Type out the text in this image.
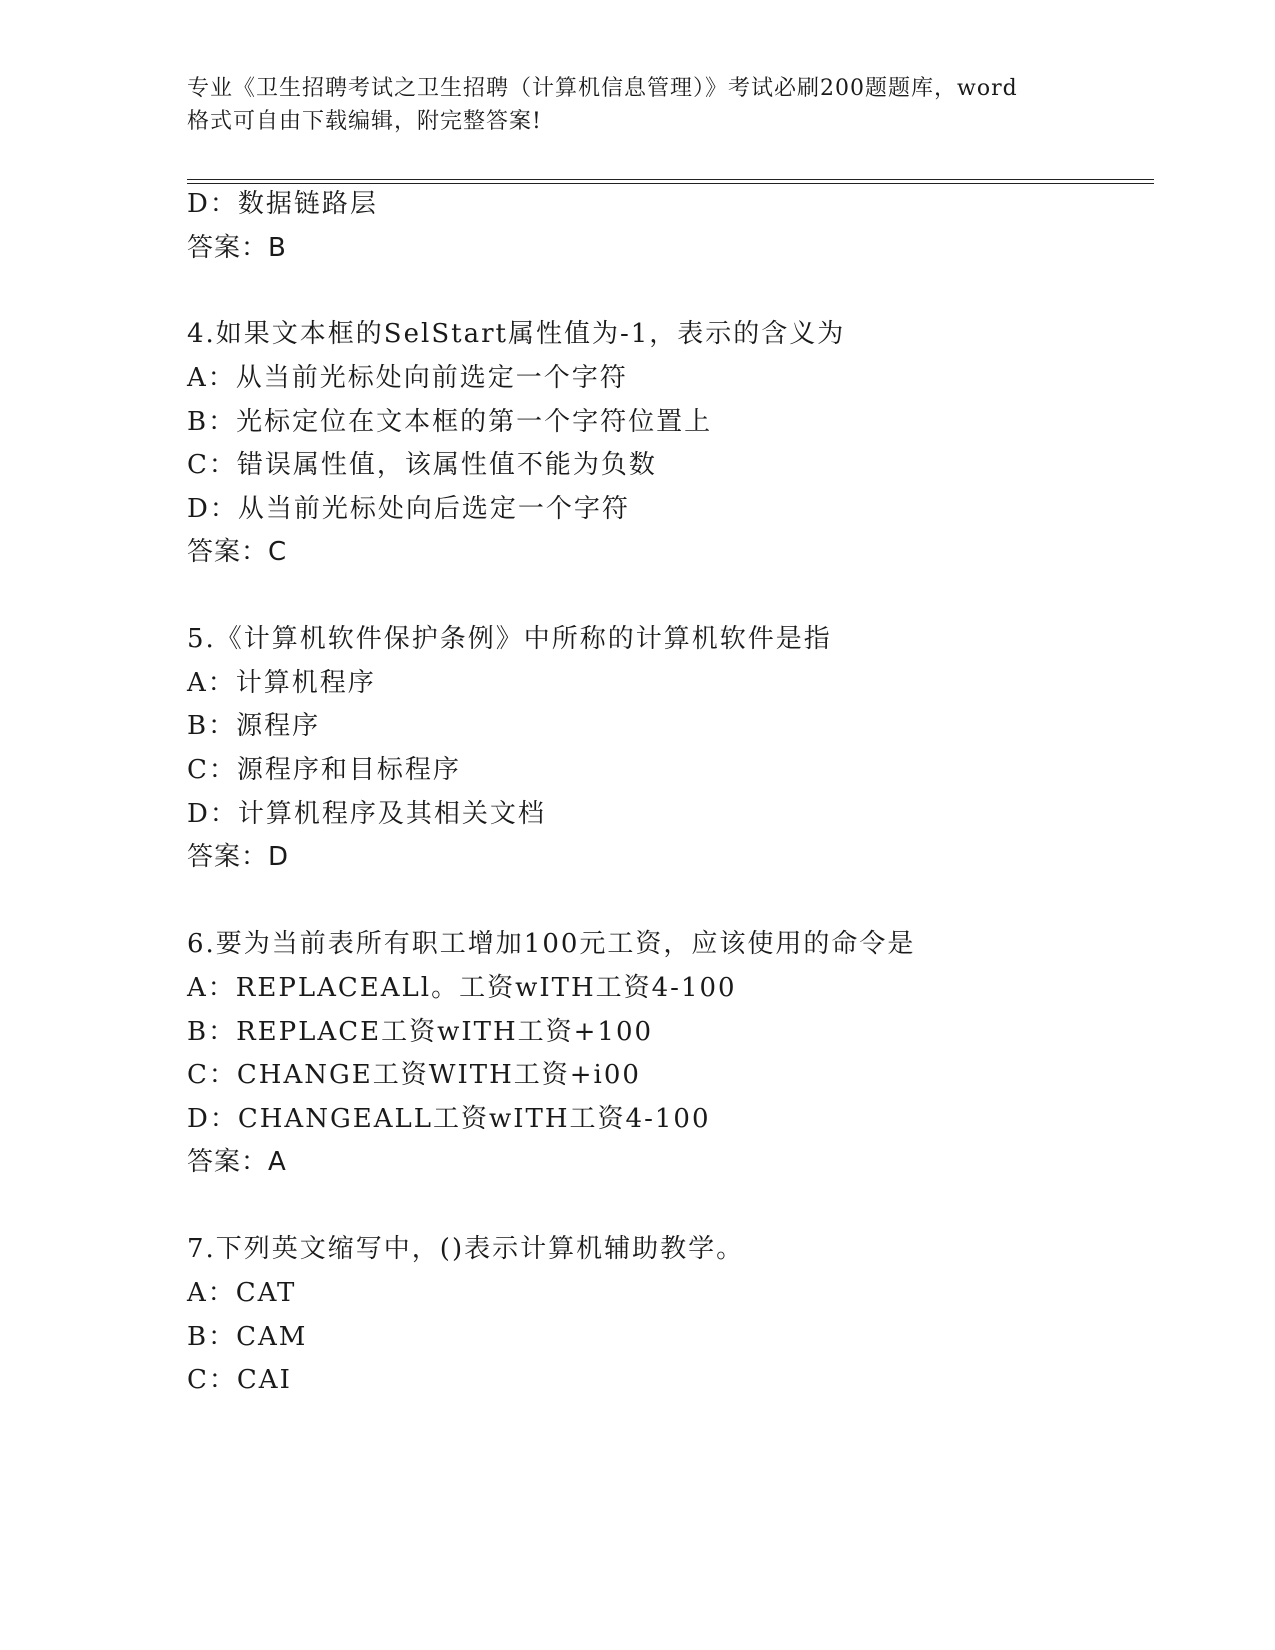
专业《卫生招聘考试之卫生招聘（计算机信息管理）》考试必刷200题题库，word
格式可自由下载编辑，附完整答案!
D：数据链路层
答案：B
4.如果文本框的SelStart属性值为-1，表示的含义为
A：从当前光标处向前选定一个字符
B：光标定位在文本框的第一个字符位置上
C：错误属性值，该属性值不能为负数
D：从当前光标处向后选定一个字符
答案：C
5.《计算机软件保护条例》中所称的计算机软件是指
A：计算机程序
B：源程序
C：源程序和目标程序
D：计算机程序及其相关文档
答案：D
6.要为当前表所有职工增加100元工资，应该使用的命令是
A：REPLACEALl。工资wITH工资4-100
B：REPLACE工资wITH工资+100
C：CHANGE工资WITH工资+i00
D：CHANGEALL工资wITH工资4-100
答案：A
7.下列英文缩写中，()表示计算机辅助教学。
A：CAT
B：CAM
C：CAI
